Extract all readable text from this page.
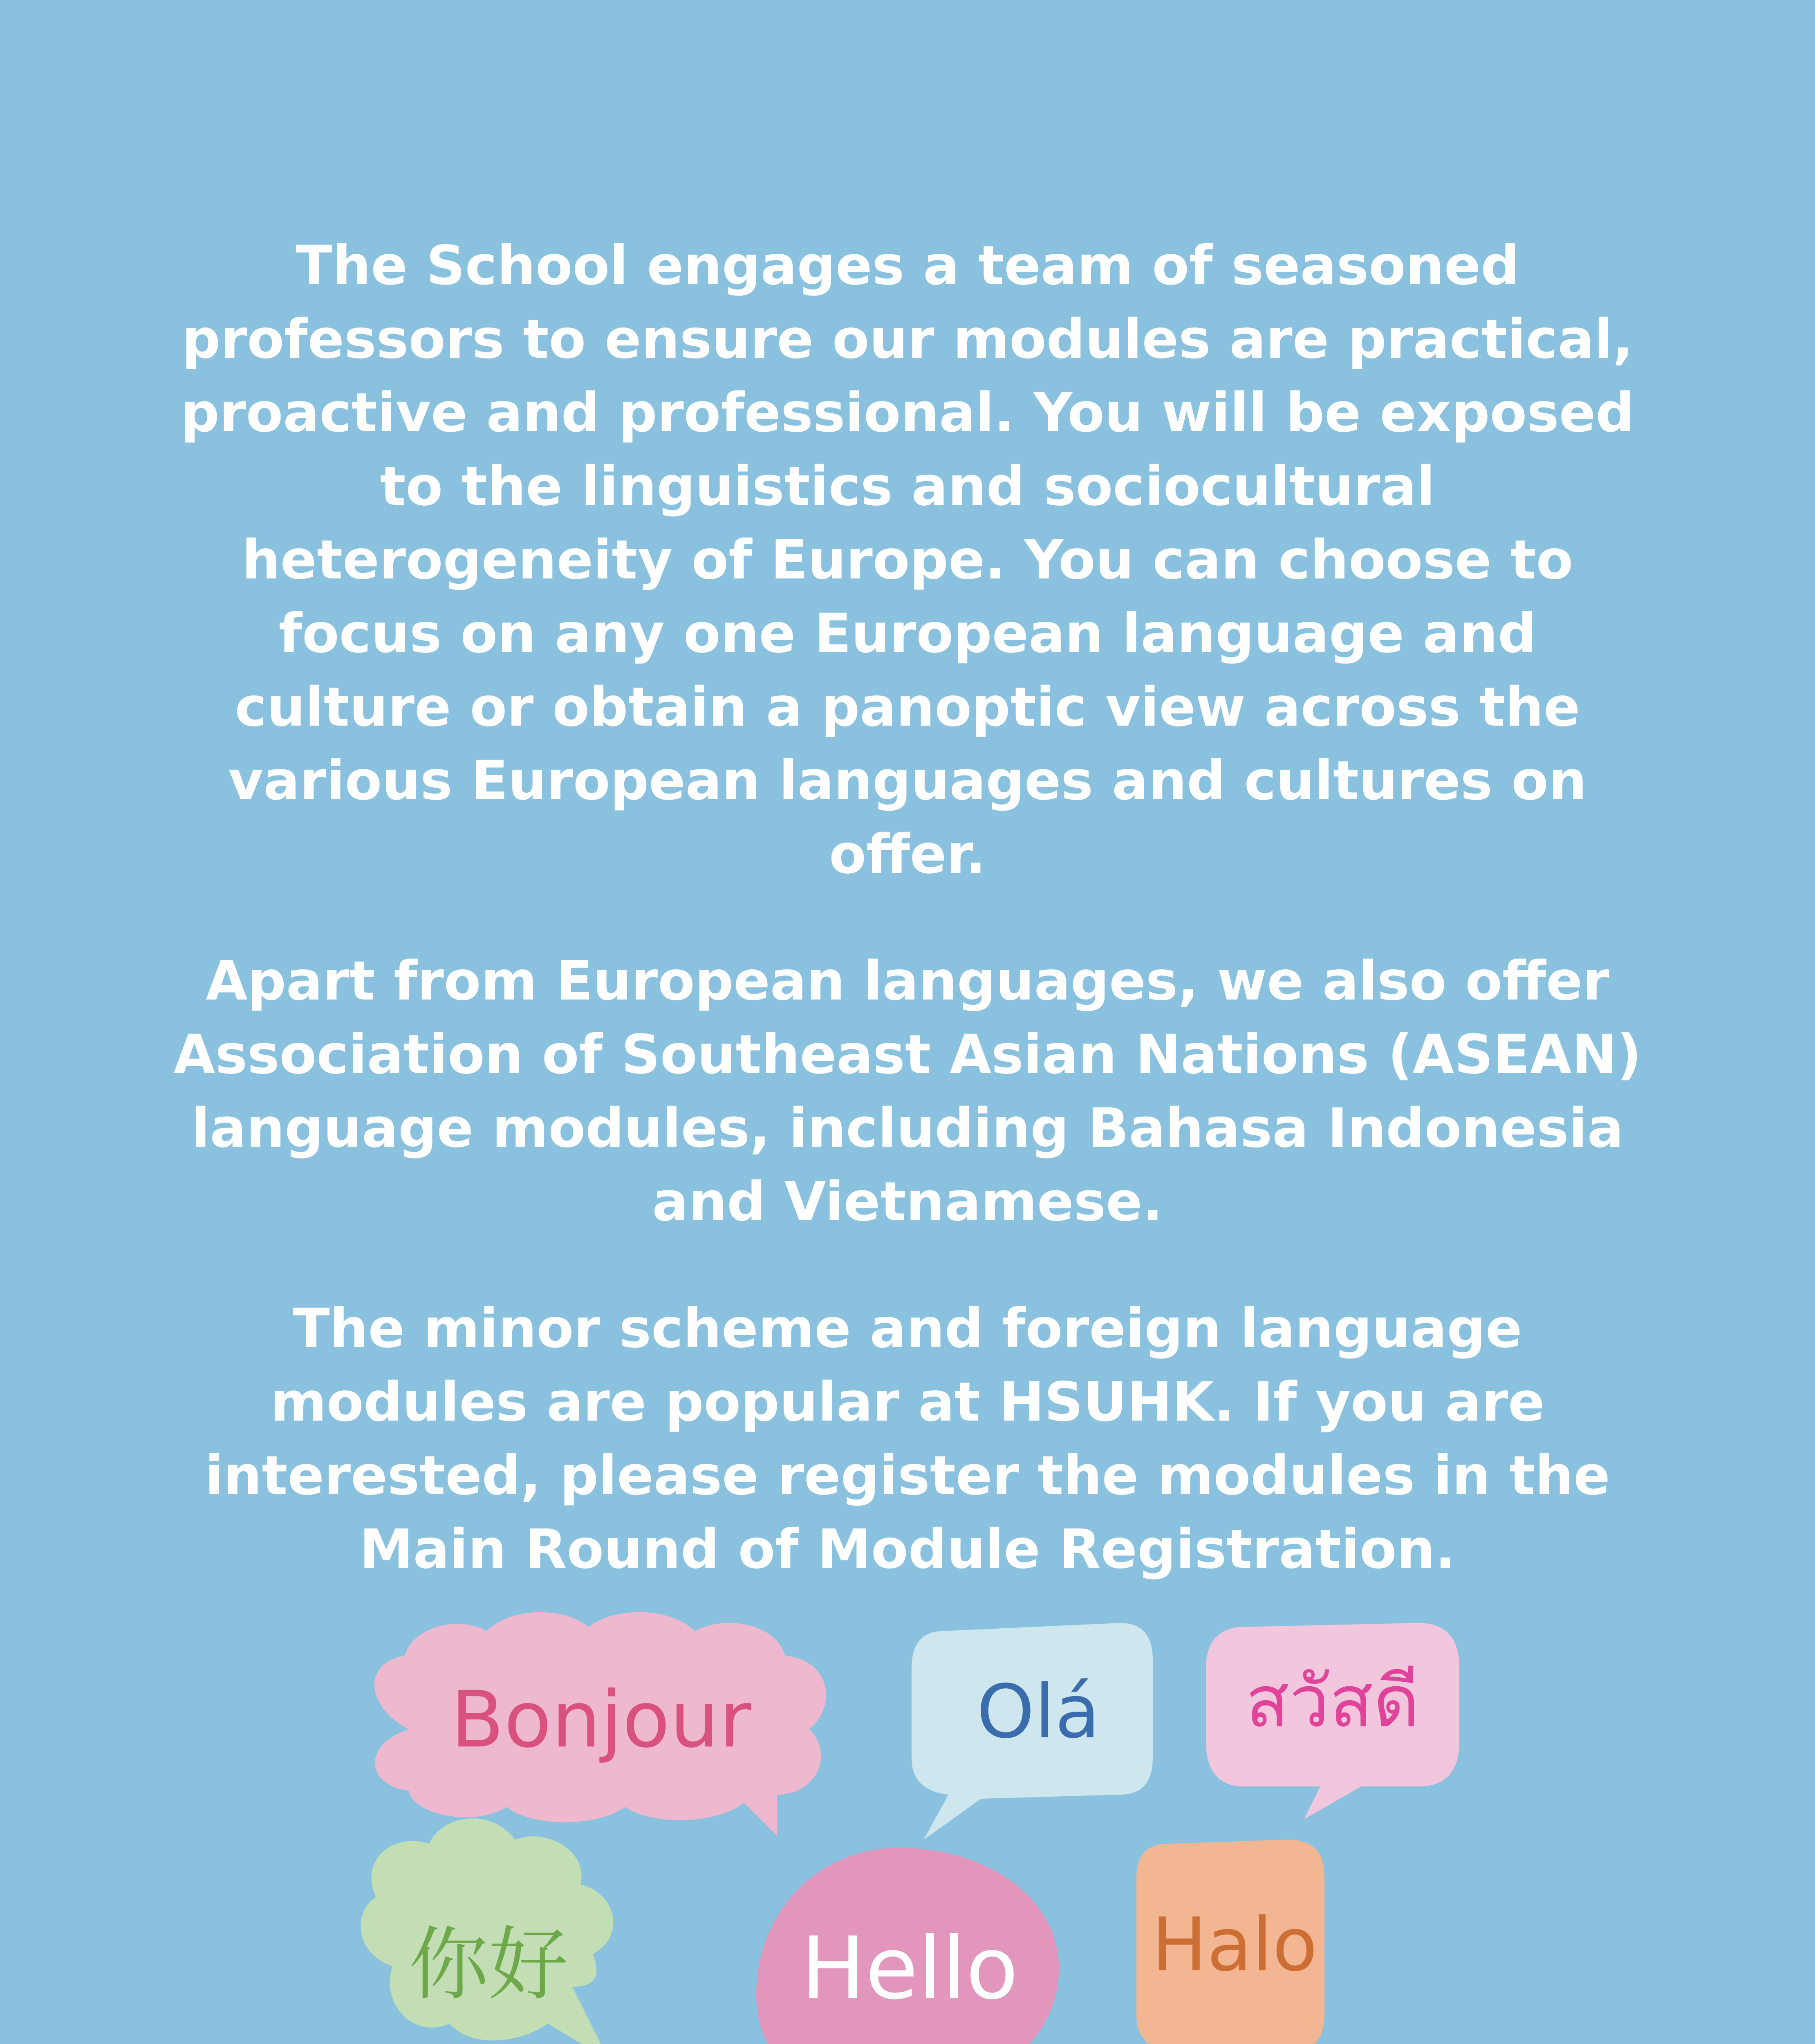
The School engages a team of seasoned professors to ensure our modules are practical, proactive and professional. You will be exposed to the linguistics and sociocultural heterogeneity of Europe. You can choose to focus on any one European language and culture or obtain a panoptic view across the various European languages and cultures on offer.

Apart from European languages, we also offer Association of Southeast Asian Nations (ASEAN) language modules, including Bahasa Indonesia and Vietnamese.

The minor scheme and foreign language modules are popular at HSUHK. If you are interested, please register the modules in the Main Round of Module Registration.

Bonjour	Olá สวัสดี
你好	Hello Halo
